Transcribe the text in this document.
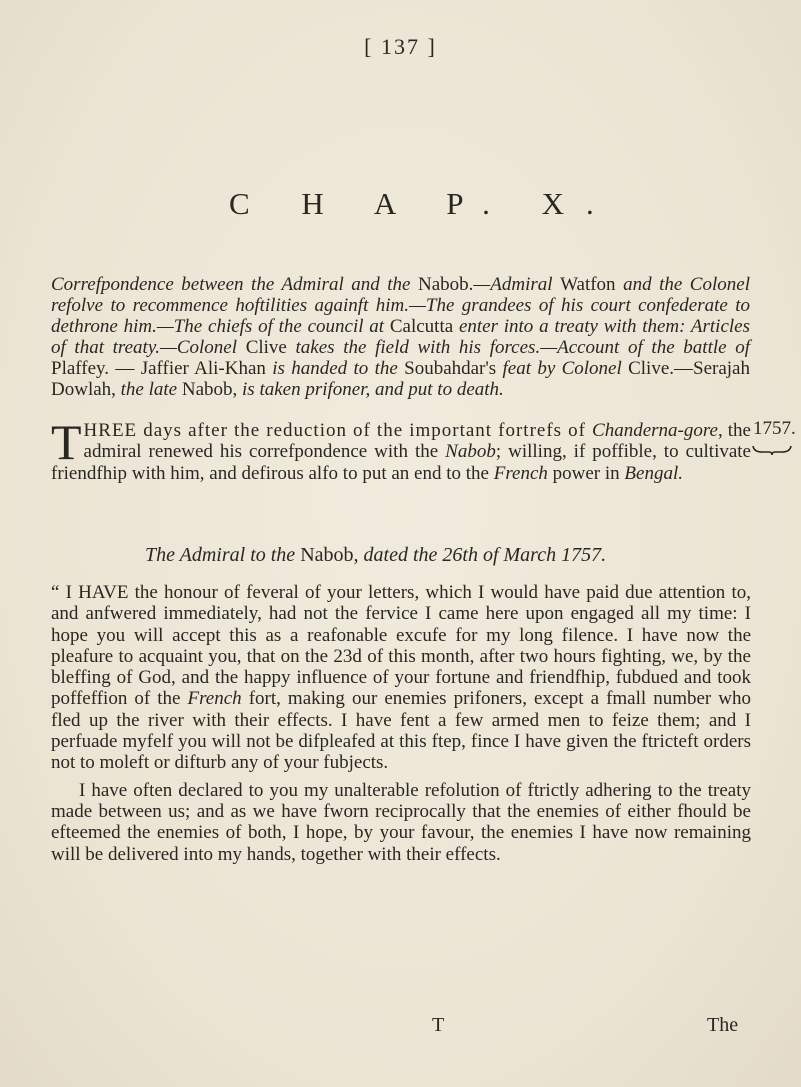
[ 137 ]
C H A P. X.
Correfpondence between the Admiral and the Nabob.—Admiral Watfon and the Colonel refolve to recommence hoftilities againft him.—The grandees of his court confederate to dethrone him.—The chiefs of the council at Calcutta enter into a treaty with them: Articles of that treaty.—Colonel Clive takes the field with his forces.—Account of the battle of Plaffey. — Jaffier Ali-Khan is handed to the Soubahdar's feat by Colonel Clive.—Serajah Dowlah, the late Nabob, is taken prifoner, and put to death.
1757.
THREE days after the reduction of the important fortrefs of Chanderna-gore, the admiral renewed his correfpondence with the Nabob; willing, if poffible, to cultivate friendfhip with him, and defirous alfo to put an end to the French power in Bengal.
The Admiral to the Nabob, dated the 26th of March 1757.

“ I HAVE the honour of feveral of your letters, which I would have paid due attention to, and anfwered immediately, had not the fervice I came here upon engaged all my time: I hope you will accept this as a reafonable excufe for my long filence. I have now the pleafure to acquaint you, that on the 23d of this month, after two hours fighting, we, by the bleffing of God, and the happy influence of your fortune and friendfhip, fubdued and took poffeffion of the French fort, making our enemies prifoners, except a fmall number who fled up the river with their effects. I have fent a few armed men to feize them; and I perfuade myfelf you will not be difpleafed at this ftep, fince I have given the ftricteft orders not to moleft or difturb any of your fubjects.

I have often declared to you my unalterable refolution of ftrictly adhering to the treaty made between us; and as we have fworn reciprocally that the enemies of either fhould be efteemed the enemies of both, I hope, by your favour, the enemies I have now remaining will be delivered into my hands, together with their effects.

T	The
